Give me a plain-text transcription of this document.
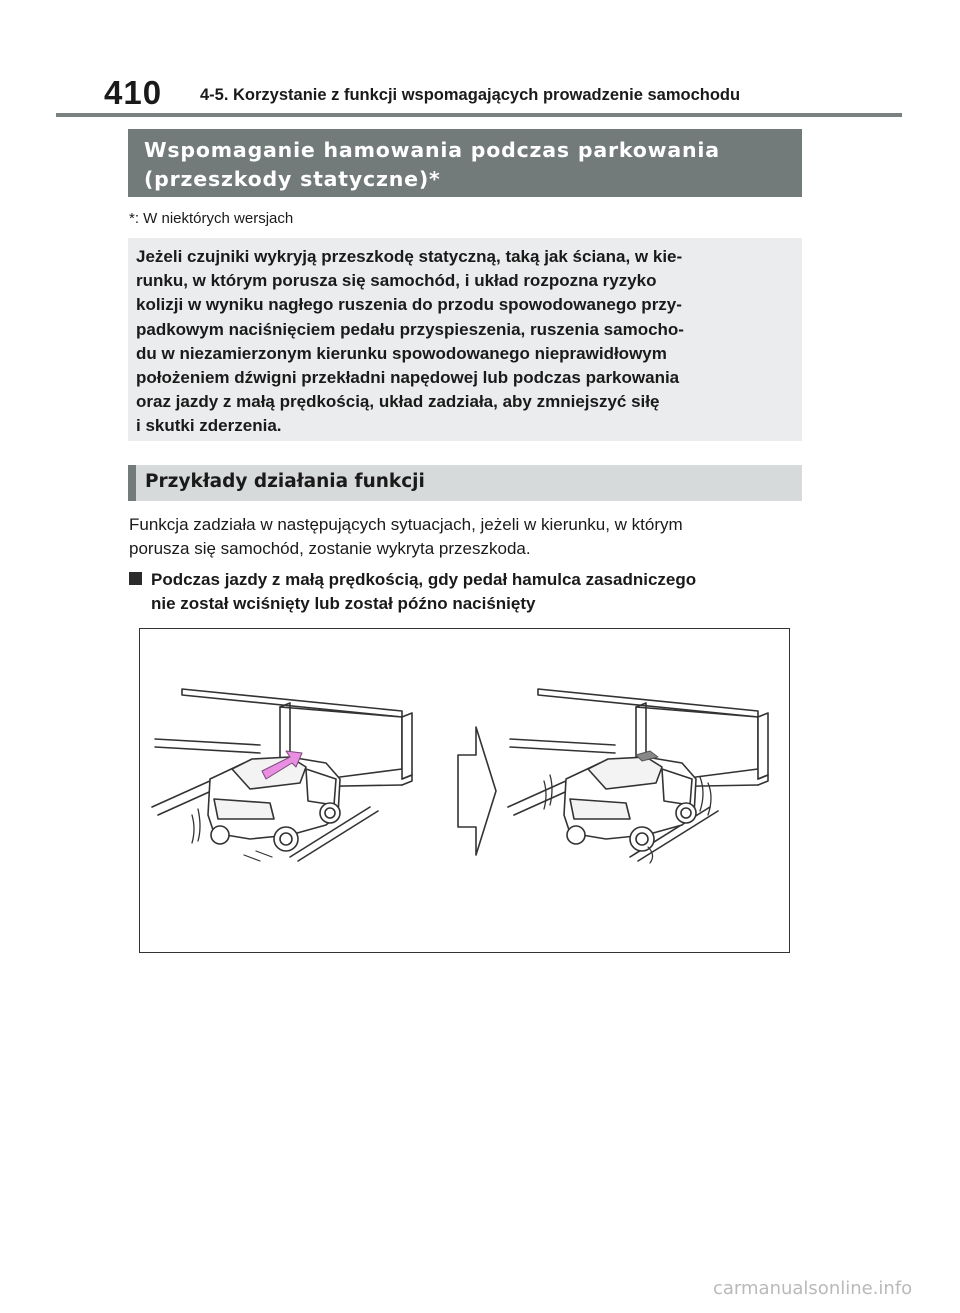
410 4-5. Korzystanie z funkcji wspomagających prowadzenie samochodu
Wspomaganie hamowania podczas parkowania
(przeszkody statyczne)*
*: W niektórych wersjach

Jeżeli czujniki wykryją przeszkodę statyczną, taką jak ściana, w kie-
runku, w którym porusza się samochód, i układ rozpozna ryzyko
kolizji w wyniku nagłego ruszenia do przodu spowodowanego przy-
padkowym naciśnięciem pedału przyspieszenia, ruszenia samocho-
du w niezamierzonym kierunku spowodowanego nieprawidłowym
położeniem dźwigni przekładni napędowej lub podczas parkowania
oraz jazdy z małą prędkością, układ zadziała, aby zmniejszyć siłę
i skutki zderzenia.

Przykłady działania funkcji

Funkcja zadziała w następujących sytuacjach, jeżeli w kierunku, w którym
porusza się samochód, zostanie wykryta przeszkoda.

Podczas jazdy z małą prędkością, gdy pedał hamulca zasadniczego
nie został wciśnięty lub został późno naciśnięty

carmanualsonline.info
